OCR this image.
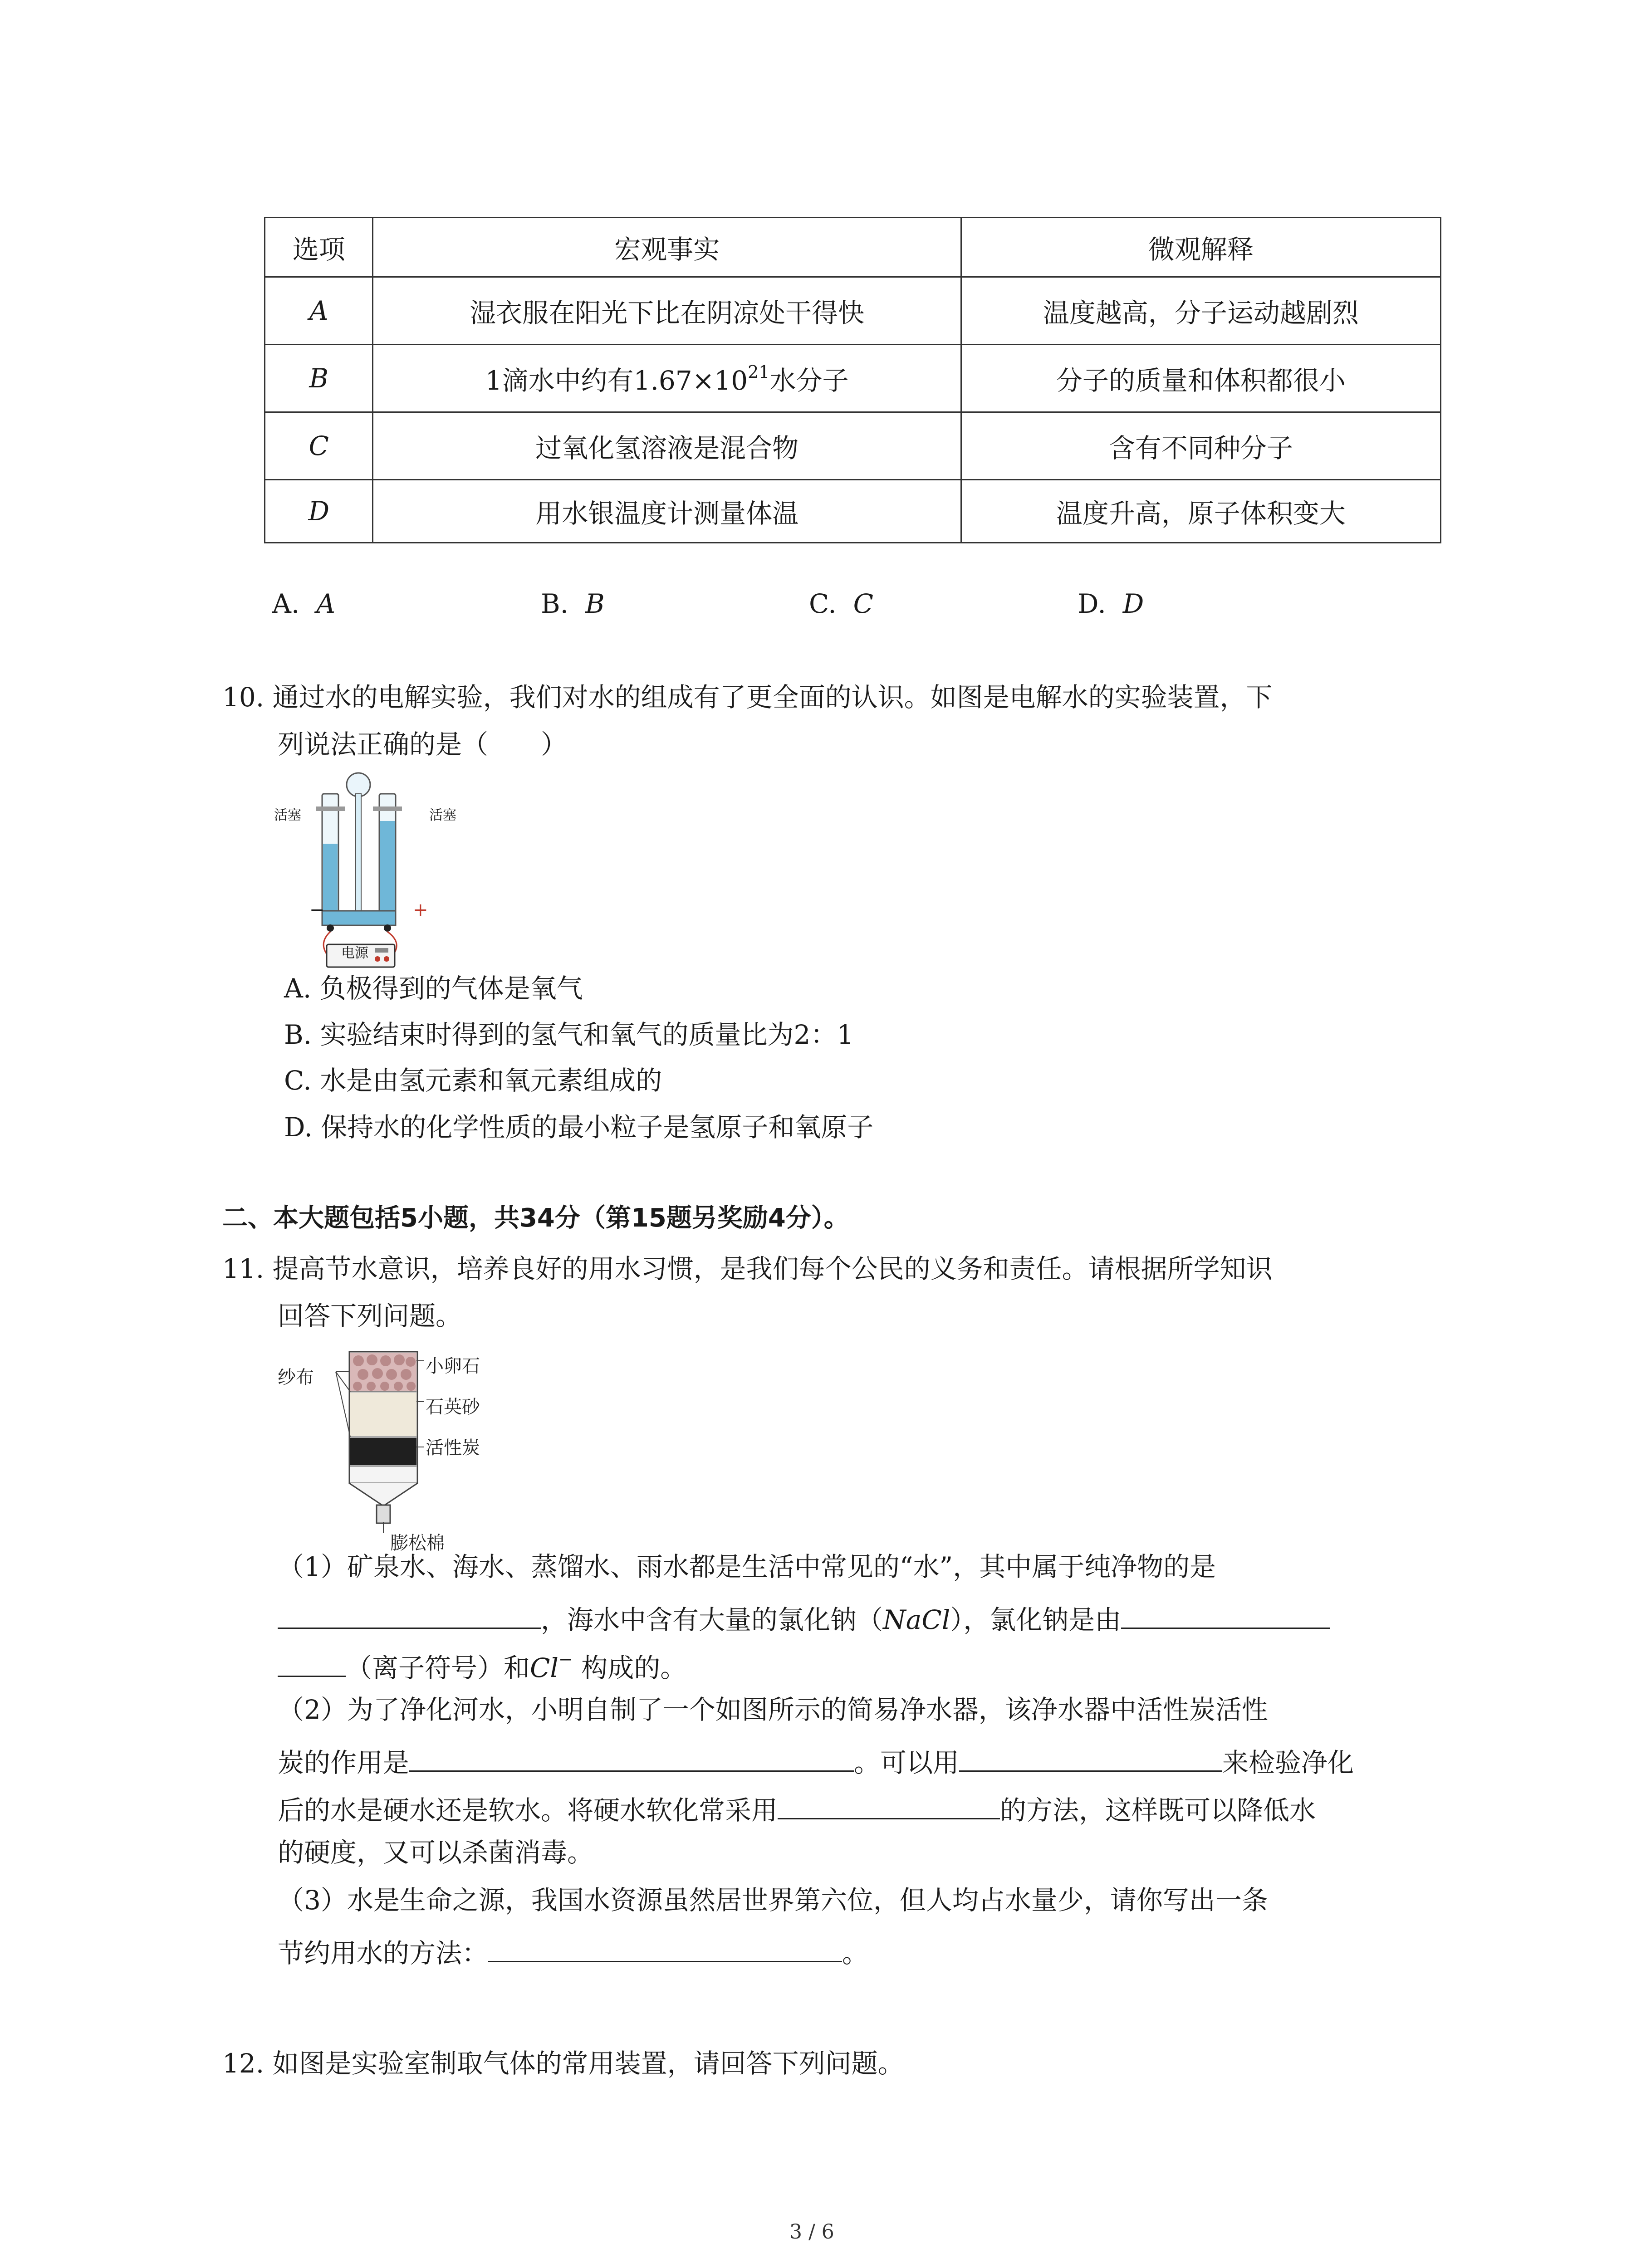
选项	宏观事实	微观解释
A	湿衣服在阳光下比在阴凉处干得快	温度越高，分子运动越剧烈
B	1滴水中约有$1.67\times 10^{21}$水分子	分子的质量和体积都很小
C	过氧化氢溶液是混合物	含有不同种分子
D	用水银温度计测量体温	温度升高，原子体积变大
A. A	B. B	C. C	D. D
10. 通过水的电解实验，我们对水的组成有了更全面的认识。如图是电解水的实验装置，下
列说法正确的是（　　）
活塞	活塞
电源
−	+
A. 负极得到的气体是氧气
B. 实验结束时得到的氢气和氧气的质量比为2：1
C. 水是由氢元素和氧元素组成的
D. 保持水的化学性质的最小粒子是氢原子和氧原子
二、本大题包括5小题，共34分（第15题另奖励4分）。
11. 提高节水意识，培养良好的用水习惯，是我们每个公民的义务和责任。请根据所学知识
回答下列问题。
纱布
小卵石
石英砂
活性炭
膨松棉
（1）矿泉水、海水、蒸馏水、雨水都是生活中常见的“水”，其中属于纯净物的是
，海水中含有大量的氯化钠（NaCl），氯化钠是由
（离子符号）和Cl− 构成的。
（2）为了净化河水，小明自制了一个如图所示的简易净水器，该净水器中活性炭活性
炭的作用是	。可以用	来检验净化
后的水是硬水还是软水。将硬水软化常采用	的方法，这样既可以降低水
的硬度，又可以杀菌消毒。
（3）水是生命之源，我国水资源虽然居世界第六位，但人均占水量少，请你写出一条
节约用水的方法：	。
12. 如图是实验室制取气体的常用装置，请回答下列问题。
3 / 6
